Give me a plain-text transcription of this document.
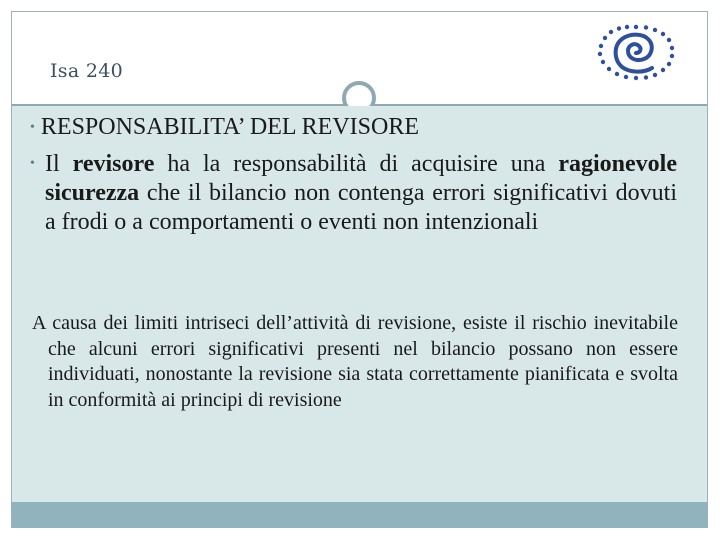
Isa 240
• RESPONSABILITA’ DEL REVISORE
• Il revisore ha la responsabilità di acquisire una ragionevole sicurezza che il bilancio non contenga errori significativi dovuti a frodi o a comportamenti o eventi non intenzionali
A causa dei limiti intriseci dell’attività di revisione, esiste il rischio inevitabile che alcuni errori significativi presenti nel bilancio possano non essere individuati, nonostante la revisione sia stata correttamente pianificata e svolta in conformità ai principi di revisione
